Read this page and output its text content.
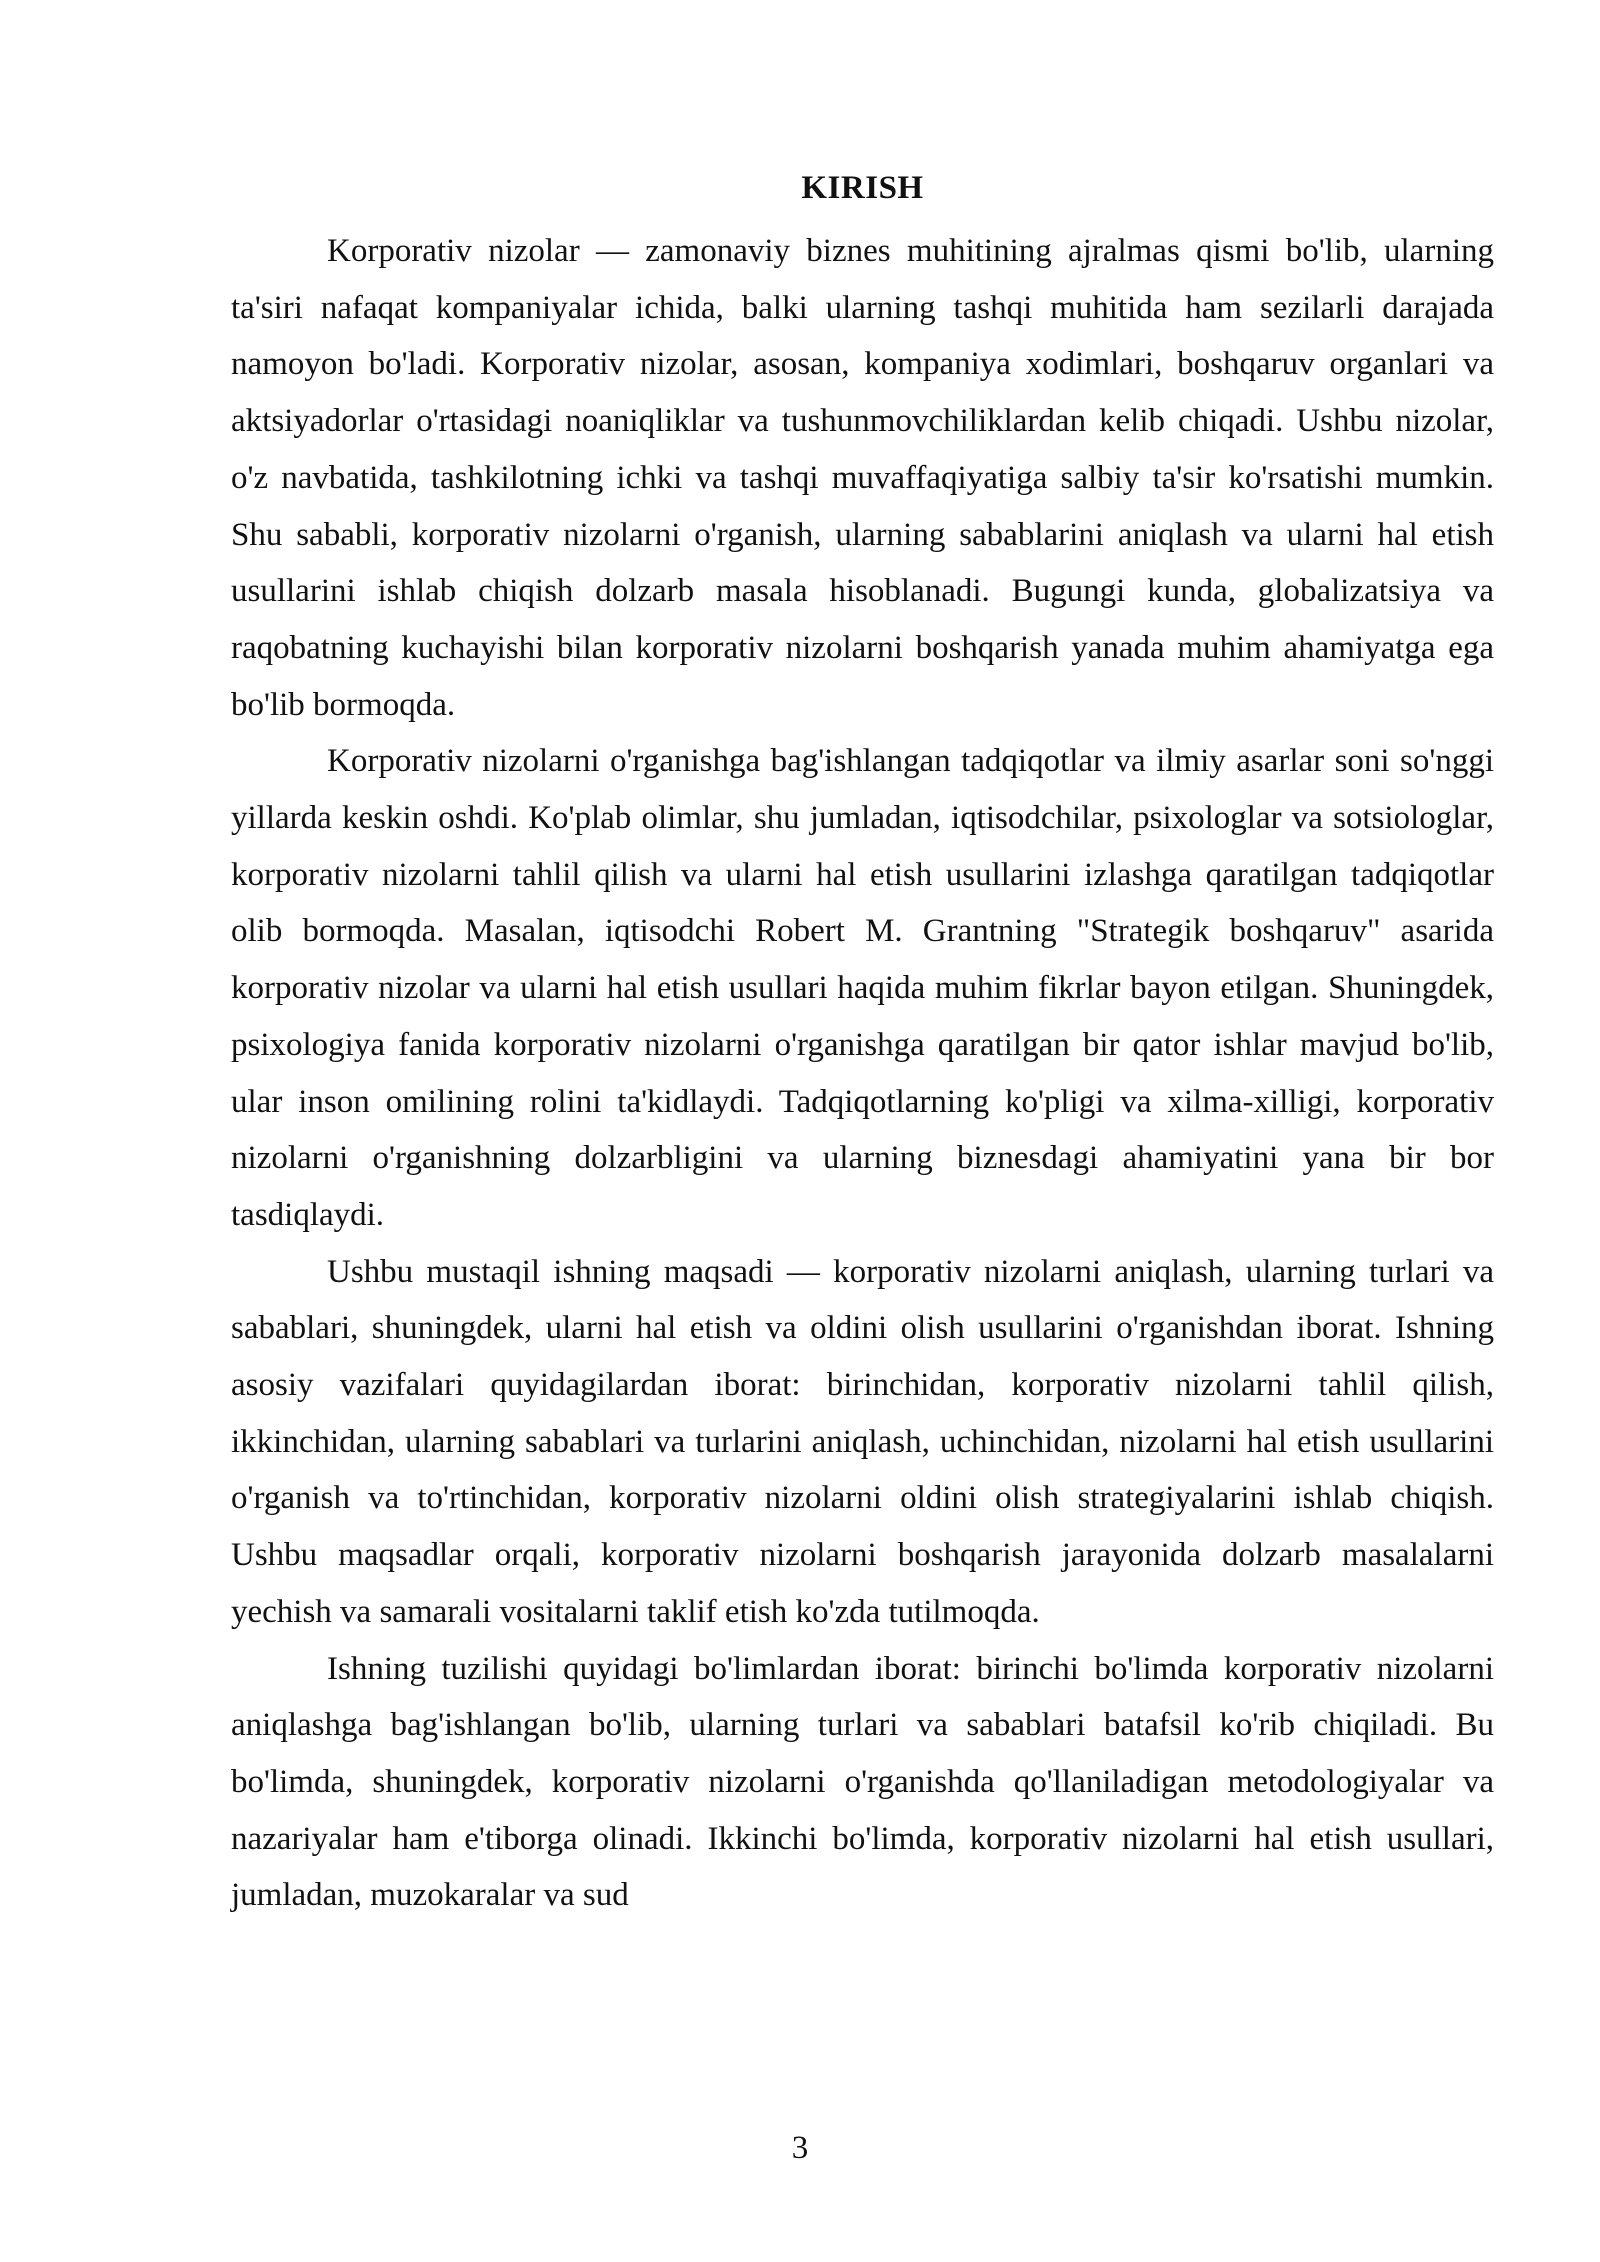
KIRISH

Korporativ nizolar — zamonaviy biznes muhitining ajralmas qismi bo'lib, ularning ta'siri nafaqat kompaniyalar ichida, balki ularning tashqi muhitida ham sezilarli darajada namoyon bo'ladi. Korporativ nizolar, asosan, kompaniya xodimlari, boshqaruv organlari va aktsiyadorlar o'rtasidagi noaniqliklar va tushunmovchiliklardan kelib chiqadi. Ushbu nizolar, o'z navbatida, tashkilotning ichki va tashqi muvaffaqiyatiga salbiy ta'sir ko'rsatishi mumkin. Shu sababli, korporativ nizolarni o'rganish, ularning sabablarini aniqlash va ularni hal etish usullarini ishlab chiqish dolzarb masala hisoblanadi. Bugungi kunda, globalizatsiya va raqobatning kuchayishi bilan korporativ nizolarni boshqarish yanada muhim ahamiyatga ega bo'lib bormoqda.

Korporativ nizolarni o'rganishga bag'ishlangan tadqiqotlar va ilmiy asarlar soni so'nggi yillarda keskin oshdi. Ko'plab olimlar, shu jumladan, iqtisodchilar, psixologlar va sotsiologlar, korporativ nizolarni tahlil qilish va ularni hal etish usullarini izlashga qaratilgan tadqiqotlar olib bormoqda. Masalan, iqtisodchi Robert M. Grantning "Strategik boshqaruv" asarida korporativ nizolar va ularni hal etish usullari haqida muhim fikrlar bayon etilgan. Shuningdek, psixologiya fanida korporativ nizolarni o'rganishga qaratilgan bir qator ishlar mavjud bo'lib, ular inson omilining rolini ta'kidlaydi. Tadqiqotlarning ko'pligi va xilma-xilligi, korporativ nizolarni o'rganishning dolzarbligini va ularning biznesdagi ahamiyatini yana bir bor tasdiqlaydi.

Ushbu mustaqil ishning maqsadi — korporativ nizolarni aniqlash, ularning turlari va sabablari, shuningdek, ularni hal etish va oldini olish usullarini o'rganishdan iborat. Ishning asosiy vazifalari quyidagilardan iborat: birinchidan, korporativ nizolarni tahlil qilish, ikkinchidan, ularning sabablari va turlarini aniqlash, uchinchidan, nizolarni hal etish usullarini o'rganish va to'rtinchidan, korporativ nizolarni oldini olish strategiyalarini ishlab chiqish. Ushbu maqsadlar orqali, korporativ nizolarni boshqarish jarayonida dolzarb masalalarni yechish va samarali vositalarni taklif etish ko'zda tutilmoqda.

Ishning tuzilishi quyidagi bo'limlardan iborat: birinchi bo'limda korporativ nizolarni aniqlashga bag'ishlangan bo'lib, ularning turlari va sabablari batafsil ko'rib chiqiladi. Bu bo'limda, shuningdek, korporativ nizolarni o'rganishda qo'llaniladigan metodologiyalar va nazariyalar ham e'tiborga olinadi. Ikkinchi bo'limda, korporativ nizolarni hal etish usullari, jumladan, muzokaralar va sud

3
